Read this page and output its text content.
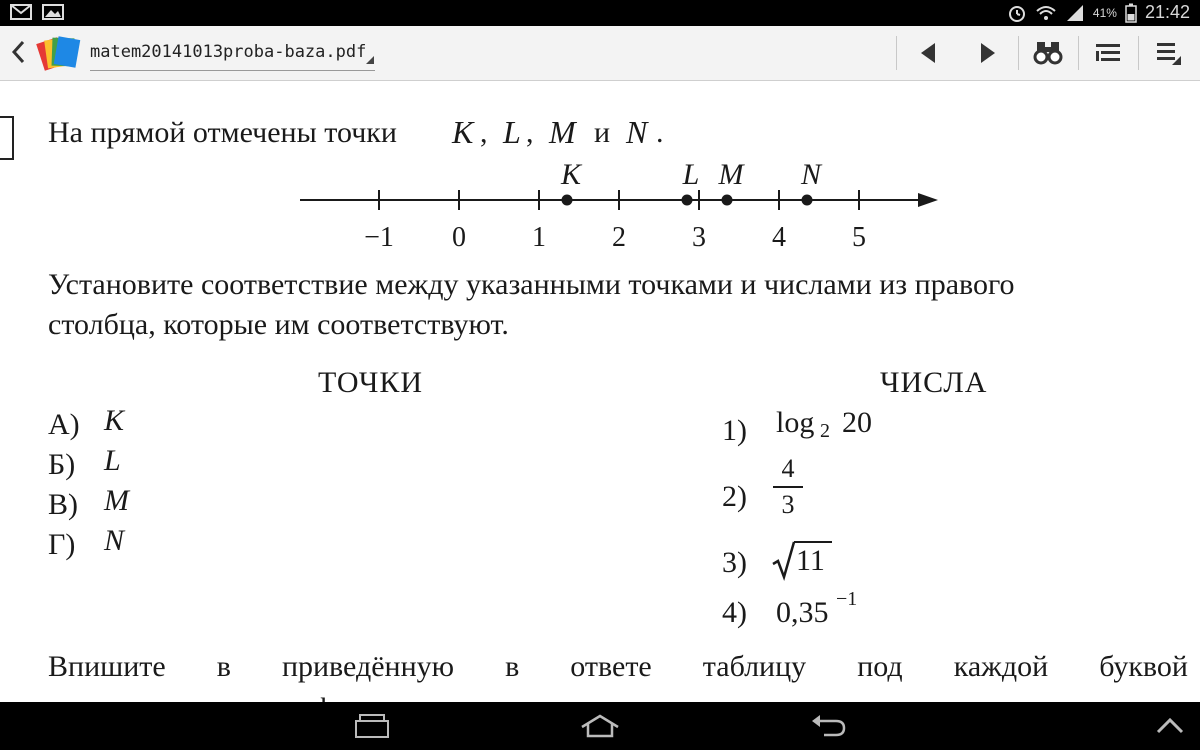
41% 21:42
matem20141013proba-baza.pdf
На прямой отмечены точки K , L , M и N .
−1 0 1 2 3 4 5
K	L M N
Установите соответствие между указанными точками и числами из правого
столбца, которые им соответствуют.
ТОЧКИ	ЧИСЛА
А) K
Б) L
В) M
Г) N
1) log 2 20
2)
4
3
3) 11
4) 0,35 −1
Впишите в приведённую в ответе таблицу под каждой буквой
